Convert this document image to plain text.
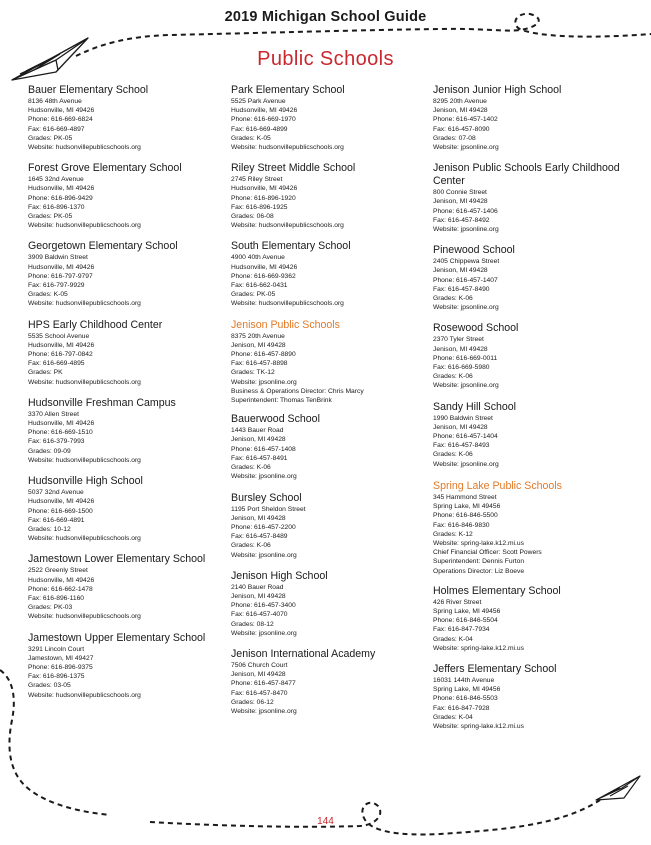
2019 Michigan School Guide
Public Schools
Bauer Elementary School
8136 48th Avenue
Hudsonville, MI 49426
Phone: 616-669-6824
Fax: 616-669-4897
Grades: PK-05
Website: hudsonvillepublicschools.org
Forest Grove Elementary School
1645 32nd Avenue
Hudsonville, MI 49426
Phone: 616-896-9429
Fax: 616-896-1370
Grades: PK-05
Website: hudsonvillepublicschools.org
Georgetown Elementary School
3909 Baldwin Street
Hudsonville, MI 49426
Phone: 616-797-9797
Fax: 616-797-9929
Grades: K-05
Website: hudsonvillepublicschools.org
HPS Early Childhood Center
5535 School Avenue
Hudsonville, MI 49426
Phone: 616-797-0842
Fax: 616-669-4895
Grades: PK
Website: hudsonvillepublicschools.org
Hudsonville Freshman Campus
3370 Allen Street
Hudsonville, MI 49426
Phone: 616-669-1510
Fax: 616-379-7993
Grades: 09-09
Website: hudsonvillepublicschools.org
Hudsonville High School
5037 32nd Avenue
Hudsonville, MI 49426
Phone: 616-669-1500
Fax: 616-669-4891
Grades: 10-12
Website: hudsonvillepublicschools.org
Jamestown Lower Elementary School
2522 Greenly Street
Hudsonville, MI 49426
Phone: 616-662-1478
Fax: 616-896-1160
Grades: PK-03
Website: hudsonvillepublicschools.org
Jamestown Upper Elementary School
3291 Lincoln Court
Jamestown, MI 49427
Phone: 616-896-9375
Fax: 616-896-1375
Grades: 03-05
Website: hudsonvillepublicschools.org
Park Elementary School
5525 Park Avenue
Hudsonville, MI 49426
Phone: 616-669-1970
Fax: 616-669-4899
Grades: K-05
Website: hudsonvillepublicschools.org
Riley Street Middle School
2745 Riley Street
Hudsonville, MI 49426
Phone: 616-896-1920
Fax: 616-896-1925
Grades: 06-08
Website: hudsonvillepublicschools.org
South Elementary School
4900 40th Avenue
Hudsonville, MI 49426
Phone: 616-669-9362
Fax: 616-662-0431
Grades: PK-05
Website: hudsonvillepublicschools.org
Jenison Public Schools
8375 20th Avenue
Jenison, MI 49428
Phone: 616-457-8890
Fax: 616-457-8898
Grades: TK-12
Website: jpsonline.org
Business & Operations Director: Chris Marcy
Superintendent: Thomas TenBrink
Bauerwood School
1443 Bauer Road
Jenison, MI 49428
Phone: 616-457-1408
Fax: 616-457-8491
Grades: K-06
Website: jpsonline.org
Bursley School
1195 Port Sheldon Street
Jenison, MI 49428
Phone: 616-457-2200
Fax: 616-457-8489
Grades: K-06
Website: jpsonline.org
Jenison High School
2140 Bauer Road
Jenison, MI 49428
Phone: 616-457-3400
Fax: 616-457-4070
Grades: 08-12
Website: jpsonline.org
Jenison International Academy
7506 Church Court
Jenison, MI 49428
Phone: 616-457-8477
Fax: 616-457-8470
Grades: 06-12
Website: jpsonline.org
Jenison Junior High School
8295 20th Avenue
Jenison, MI 49428
Phone: 616-457-1402
Fax: 616-457-8090
Grades: 07-08
Website: jpsonline.org
Jenison Public Schools Early Childhood Center
800 Connie Street
Jenison, MI 49428
Phone: 616-457-1406
Fax: 616-457-8492
Website: jpsonline.org
Pinewood School
2405 Chippewa Street
Jenison, MI 49428
Phone: 616-457-1407
Fax: 616-457-8490
Grades: K-06
Website: jpsonline.org
Rosewood School
2370 Tyler Street
Jenison, MI 49428
Phone: 616-669-0011
Fax: 616-669-5980
Grades: K-06
Website: jpsonline.org
Sandy Hill School
1990 Baldwin Street
Jenison, MI 49428
Phone: 616-457-1404
Fax: 616-457-8493
Grades: K-06
Website: jpsonline.org
Spring Lake Public Schools
345 Hammond Street
Spring Lake, MI 49456
Phone: 616-846-5500
Fax: 616-846-9830
Grades: K-12
Website: spring-lake.k12.mi.us
Chief Financial Officer: Scott Powers
Superintendent: Dennis Furton
Operations Director: Liz Boeve
Holmes Elementary School
426 River Street
Spring Lake, MI 49456
Phone: 616-846-5504
Fax: 616-847-7934
Grades: K-04
Website: spring-lake.k12.mi.us
Jeffers Elementary School
16031 144th Avenue
Spring Lake, MI 49456
Phone: 616-846-5503
Fax: 616-847-7928
Grades: K-04
Website: spring-lake.k12.mi.us
144
